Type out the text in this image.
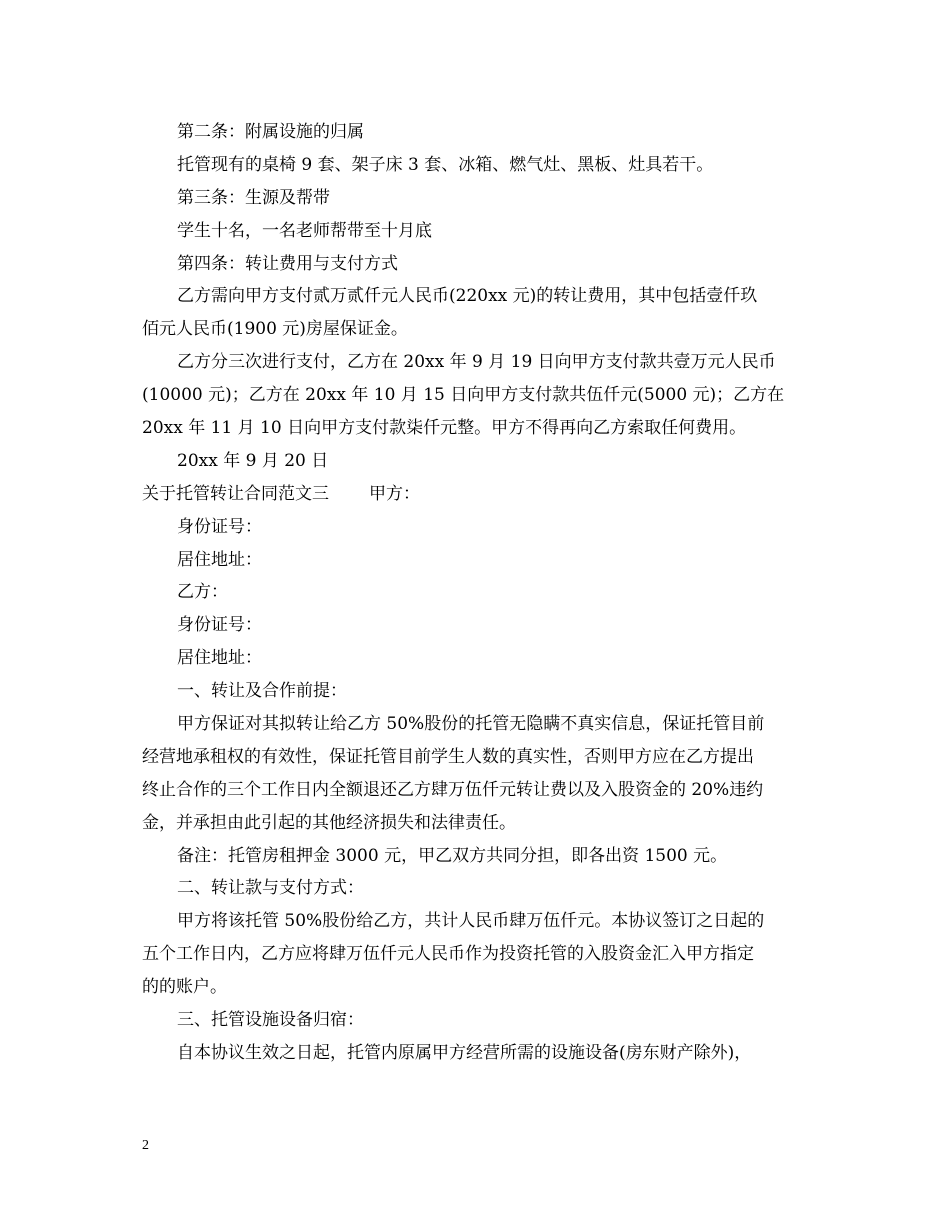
第二条：附属设施的归属
托管现有的桌椅 9 套、架子床 3 套、冰箱、燃气灶、黑板、灶具若干。
第三条：生源及帮带
学生十名，一名老师帮带至十月底
第四条：转让费用与支付方式
乙方需向甲方支付贰万贰仟元人民币(220xx 元)的转让费用，其中包括壹仟玖
佰元人民币(1900 元)房屋保证金。
乙方分三次进行支付，乙方在 20xx 年 9 月 19 日向甲方支付款共壹万元人民币
(10000 元)；乙方在 20xx 年 10 月 15 日向甲方支付款共伍仟元(5000 元)；乙方在
20xx 年 11 月 10 日向甲方支付款柒仟元整。甲方不得再向乙方索取任何费用。
20xx 年 9 月 20 日
关于托管转让合同范文三 甲方：
身份证号：
居住地址：
乙方：
身份证号：
居住地址：
一、转让及合作前提：
甲方保证对其拟转让给乙方 50%股份的托管无隐瞒不真实信息，保证托管目前
经营地承租权的有效性，保证托管目前学生人数的真实性，否则甲方应在乙方提出
终止合作的三个工作日内全额退还乙方肆万伍仟元转让费以及入股资金的 20%违约
金，并承担由此引起的其他经济损失和法律责任。
备注：托管房租押金 3000 元，甲乙双方共同分担，即各出资 1500 元。
二、转让款与支付方式：
甲方将该托管 50%股份给乙方，共计人民币肆万伍仟元。本协议签订之日起的
五个工作日内，乙方应将肆万伍仟元人民币作为投资托管的入股资金汇入甲方指定
的的账户。
三、托管设施设备归宿：
自本协议生效之日起，托管内原属甲方经营所需的设施设备(房东财产除外)，
2
